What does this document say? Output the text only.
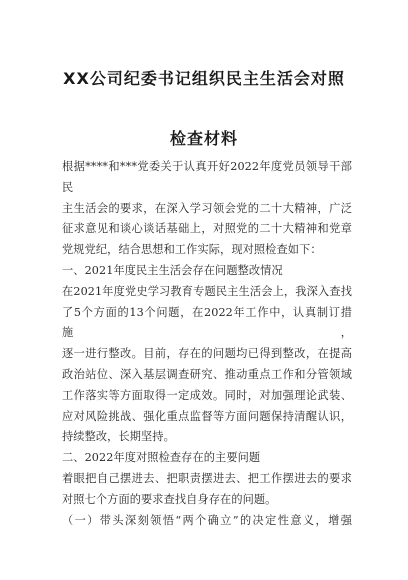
XX公司纪委书记组织民主生活会对照
检查材料

根据****和***党委关于认真开好2022年度党员领导干部民

主生活会的要求，在深入学习领会党的二十大精神，广泛

征求意见和谈心谈话基础上，对照党的二十大精神和党章

党规党纪，结合思想和工作实际，现对照检查如下：

一、2021年度民主生活会存在问题整改情况

在2021年度党史学习教育专题民主生活会上，我深入查找

了5个方面的13个问题，在2022年工作中，认真制订措施，

逐一进行整改。目前，存在的问题均已得到整改，在提高

政治站位、深入基层调查研究、推动重点工作和分管领域

工作落实等方面取得一定成效。同时，对加强理论武装、

应对风险挑战、强化重点监督等方面问题保持清醒认识，

持续整改，长期坚持。

二、2022年度对照检查存在的主要问题

着眼把自己摆进去、把职责摆进去、把工作摆进去的要求

对照七个方面的要求查找自身存在的问题。

（一）带头深刻领悟“两个确立”的决定性意义，增强
